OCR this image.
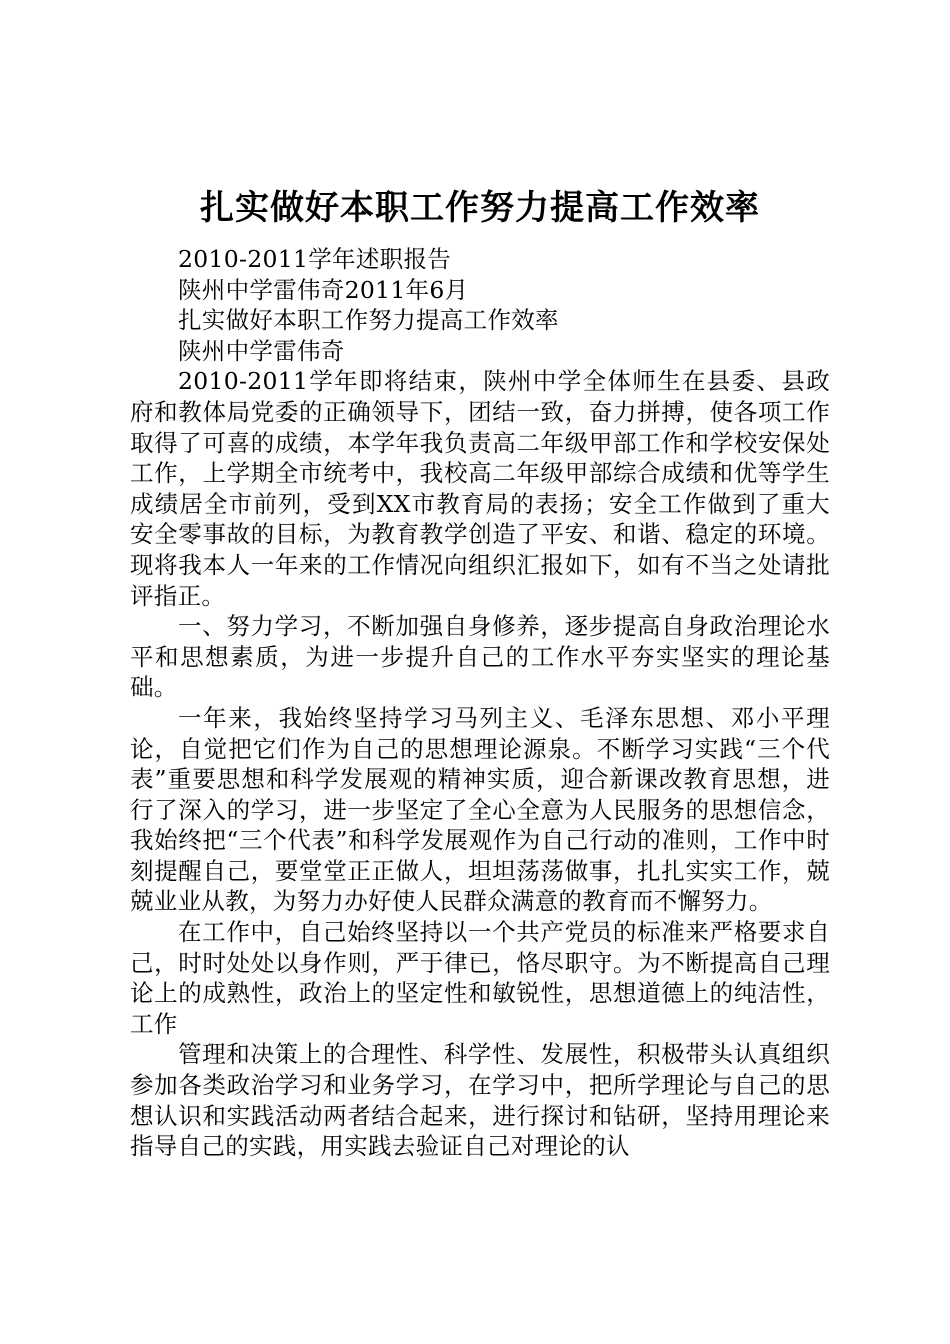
扎实做好本职工作努力提高工作效率

2010-2011学年述职报告

陕州中学雷伟奇2011年6月

扎实做好本职工作努力提高工作效率

陕州中学雷伟奇

2010-2011学年即将结束，陕州中学全体师生在县委、县政府和教体局党委的正确领导下，团结一致，奋力拼搏，使各项工作取得了可喜的成绩，本学年我负责高二年级甲部工作和学校安保处工作，上学期全市统考中，我校高二年级甲部综合成绩和优等学生成绩居全市前列，受到XX市教育局的表扬；安全工作做到了重大安全零事故的目标，为教育教学创造了平安、和谐、稳定的环境。现将我本人一年来的工作情况向组织汇报如下，如有不当之处请批评指正。

一、努力学习，不断加强自身修养，逐步提高自身政治理论水平和思想素质，为进一步提升自己的工作水平夯实坚实的理论基础。

一年来，我始终坚持学习马列主义、毛泽东思想、邓小平理论，自觉把它们作为自己的思想理论源泉。不断学习实践“三个代表”重要思想和科学发展观的精神实质，迎合新课改教育思想，进行了深入的学习，进一步坚定了全心全意为人民服务的思想信念，我始终把“三个代表”和科学发展观作为自己行动的准则，工作中时刻提醒自己，要堂堂正正做人，坦坦荡荡做事，扎扎实实工作，兢兢业业从教，为努力办好使人民群众满意的教育而不懈努力。

在工作中，自己始终坚持以一个共产党员的标准来严格要求自己，时时处处以身作则，严于律已，恪尽职守。为不断提高自己理论上的成熟性，政治上的坚定性和敏锐性，思想道德上的纯洁性，工作

管理和决策上的合理性、科学性、发展性，积极带头认真组织参加各类政治学习和业务学习，在学习中，把所学理论与自己的思想认识和实践活动两者结合起来，进行探讨和钻研，坚持用理论来指导自己的实践，用实践去验证自己对理论的认
